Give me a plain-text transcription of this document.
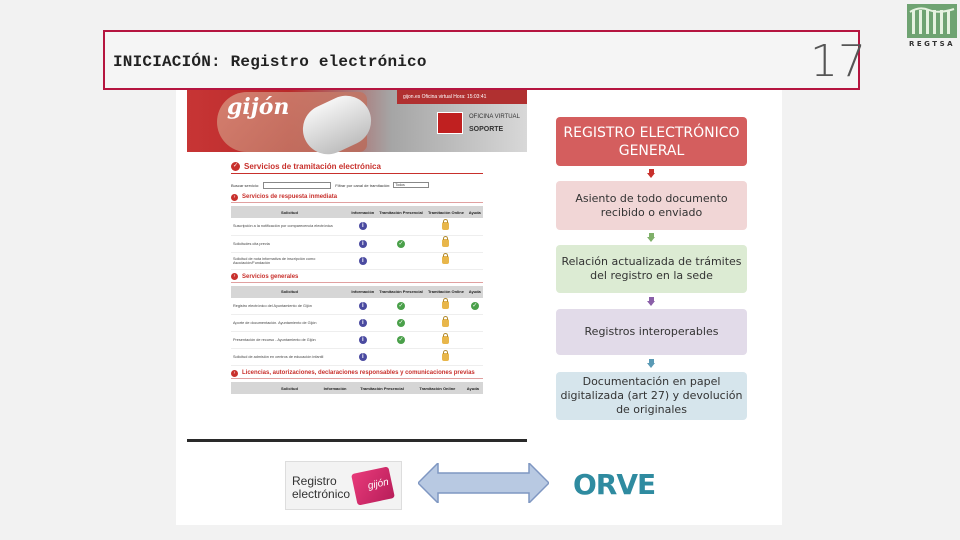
INICIACIÓN: Registro electrónico	17	REGTSA
gijón	gijon.es Oficina virtual Hora: 15:03:41
OFICINA VIRTUAL
SOPORTE
✓ Servicios de tramitación electrónica
Buscar servicio:	Filtrar por canal de tramitación:	Todos
›	Servicios de respuesta inmediata
Solicitud	Información	Tramitación Presencial	Tramitación Online	Ayuda
Suscripción a la notificación por comparecencia electrónica	i			
Solicitudes cita previa	i	✓		
Solicitud de nota informativa de inscripción como Asociación/Fundación	i			
›	Servicios generales
Solicitud	Información	Tramitación Presencial	Tramitación Online	Ayuda
Registro electrónico del Ayuntamiento de Gijón	i	✓		✓
Aporte de documentación. Ayuntamiento de Gijón	i	✓		
Presentación de recurso - Ayuntamiento de Gijón	i	✓		
Solicitud de admisión en centros de educación infantil	i			
›	Licencias, autorizaciones, declaraciones responsables y comunicaciones previas
Solicitud	Información	Tramitación Presencial	Tramitación Online	Ayuda
REGISTRO ELECTRÓNICO GENERAL
Asiento de todo documento recibido o enviado
Relación actualizada de trámites del registro en la sede
Registros interoperables
Documentación en papel digitalizada (art 27) y devolución de originales
Registro electrónico
gijón	ORVE
